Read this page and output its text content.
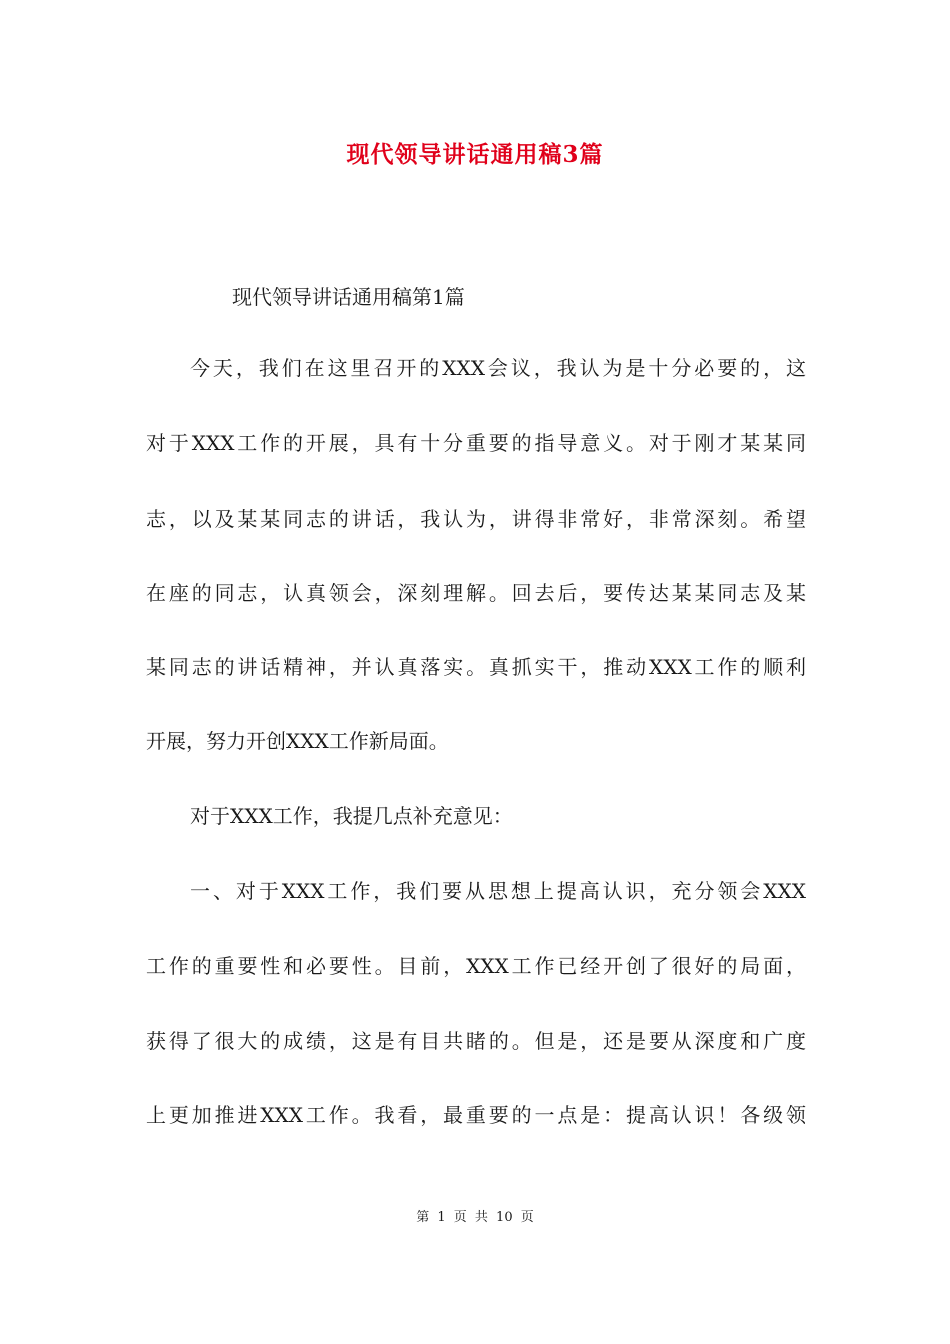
现代领导讲话通用稿3篇
现代领导讲话通用稿第1篇
今天，我们在这里召开的XXX会议，我认为是十分必要的，这
对于XXX工作的开展，具有十分重要的指导意义。对于刚才某某同
志，以及某某同志的讲话，我认为，讲得非常好，非常深刻。希望
在座的同志，认真领会，深刻理解。回去后，要传达某某同志及某
某同志的讲话精神，并认真落实。真抓实干，推动XXX工作的顺利
开展，努力开创XXX工作新局面。
对于XXX工作，我提几点补充意见：
一、对于XXX工作，我们要从思想上提高认识，充分领会XXX
工作的重要性和必要性。目前，XXX工作已经开创了很好的局面，
获得了很大的成绩，这是有目共睹的。但是，还是要从深度和广度
上更加推进XXX工作。我看，最重要的一点是：提高认识！各级领
第 1 页 共 10 页
